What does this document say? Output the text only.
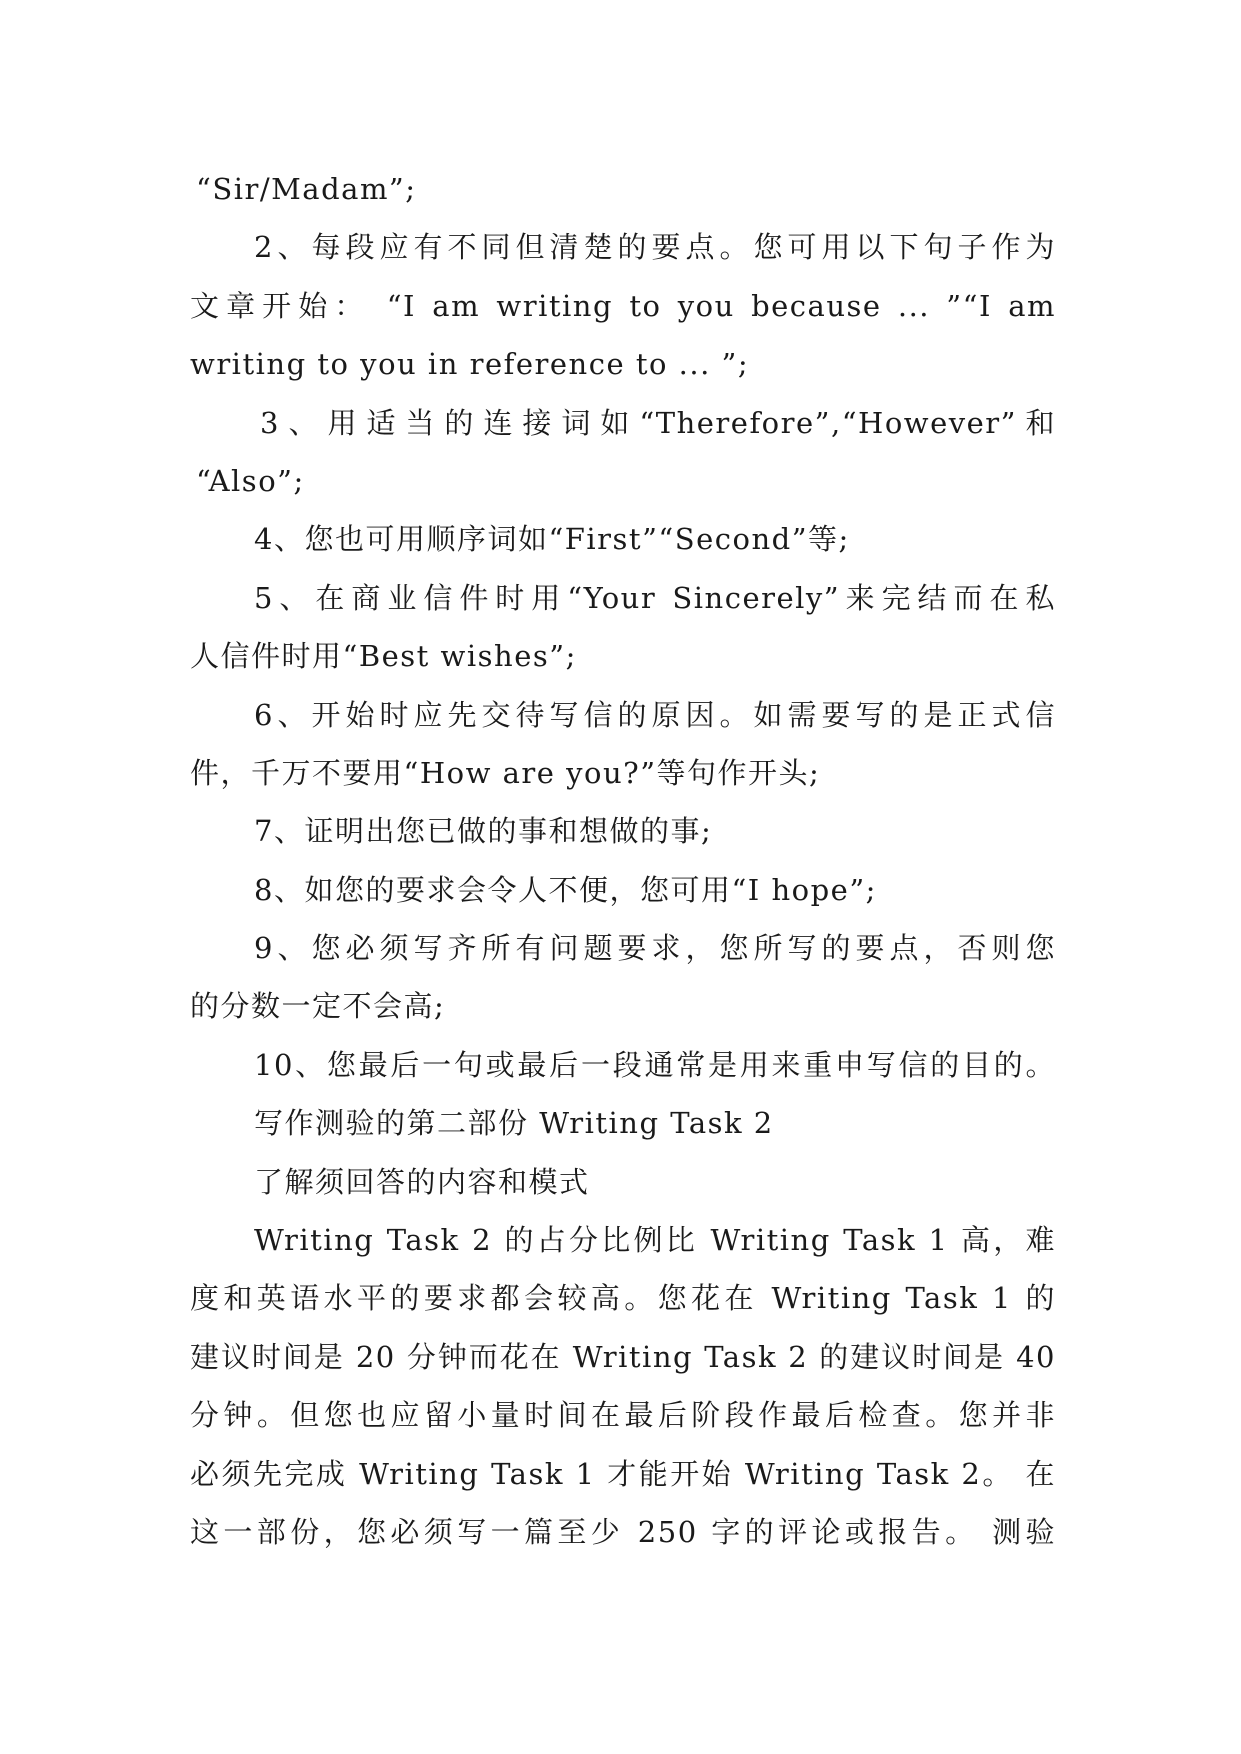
“Sir/Madam”;
2、每段应有不同但清楚的要点。您可用以下句子作为
文章开始： “I am writing to you because ... ”“I am
writing to you in reference to ... ”;
3、用适当的连接词如“Therefore”,“However”和
“Also”;
4、您也可用顺序词如“First”“Second”等;
5、在商业信件时用“Your Sincerely”来完结而在私
人信件时用“Best wishes”;
6、开始时应先交待写信的原因。如需要写的是正式信
件，千万不要用“How are you?”等句作开头;
7、证明出您已做的事和想做的事;
8、如您的要求会令人不便，您可用“I hope”;
9、您必须写齐所有问题要求，您所写的要点，否则您
的分数一定不会高;
10、您最后一句或最后一段通常是用来重申写信的目的。
写作测验的第二部份 Writing Task 2
了解须回答的内容和模式
Writing Task 2 的占分比例比 Writing Task 1 高，难
度和英语水平的要求都会较高。您花在 Writing Task 1 的
建议时间是 20 分钟而花在 Writing Task 2 的建议时间是 40
分钟。但您也应留小量时间在最后阶段作最后检查。您并非
必须先完成 Writing Task 1 才能开始 Writing Task 2。 在
这一部份，您必须写一篇至少 250 字的评论或报告。 测验
